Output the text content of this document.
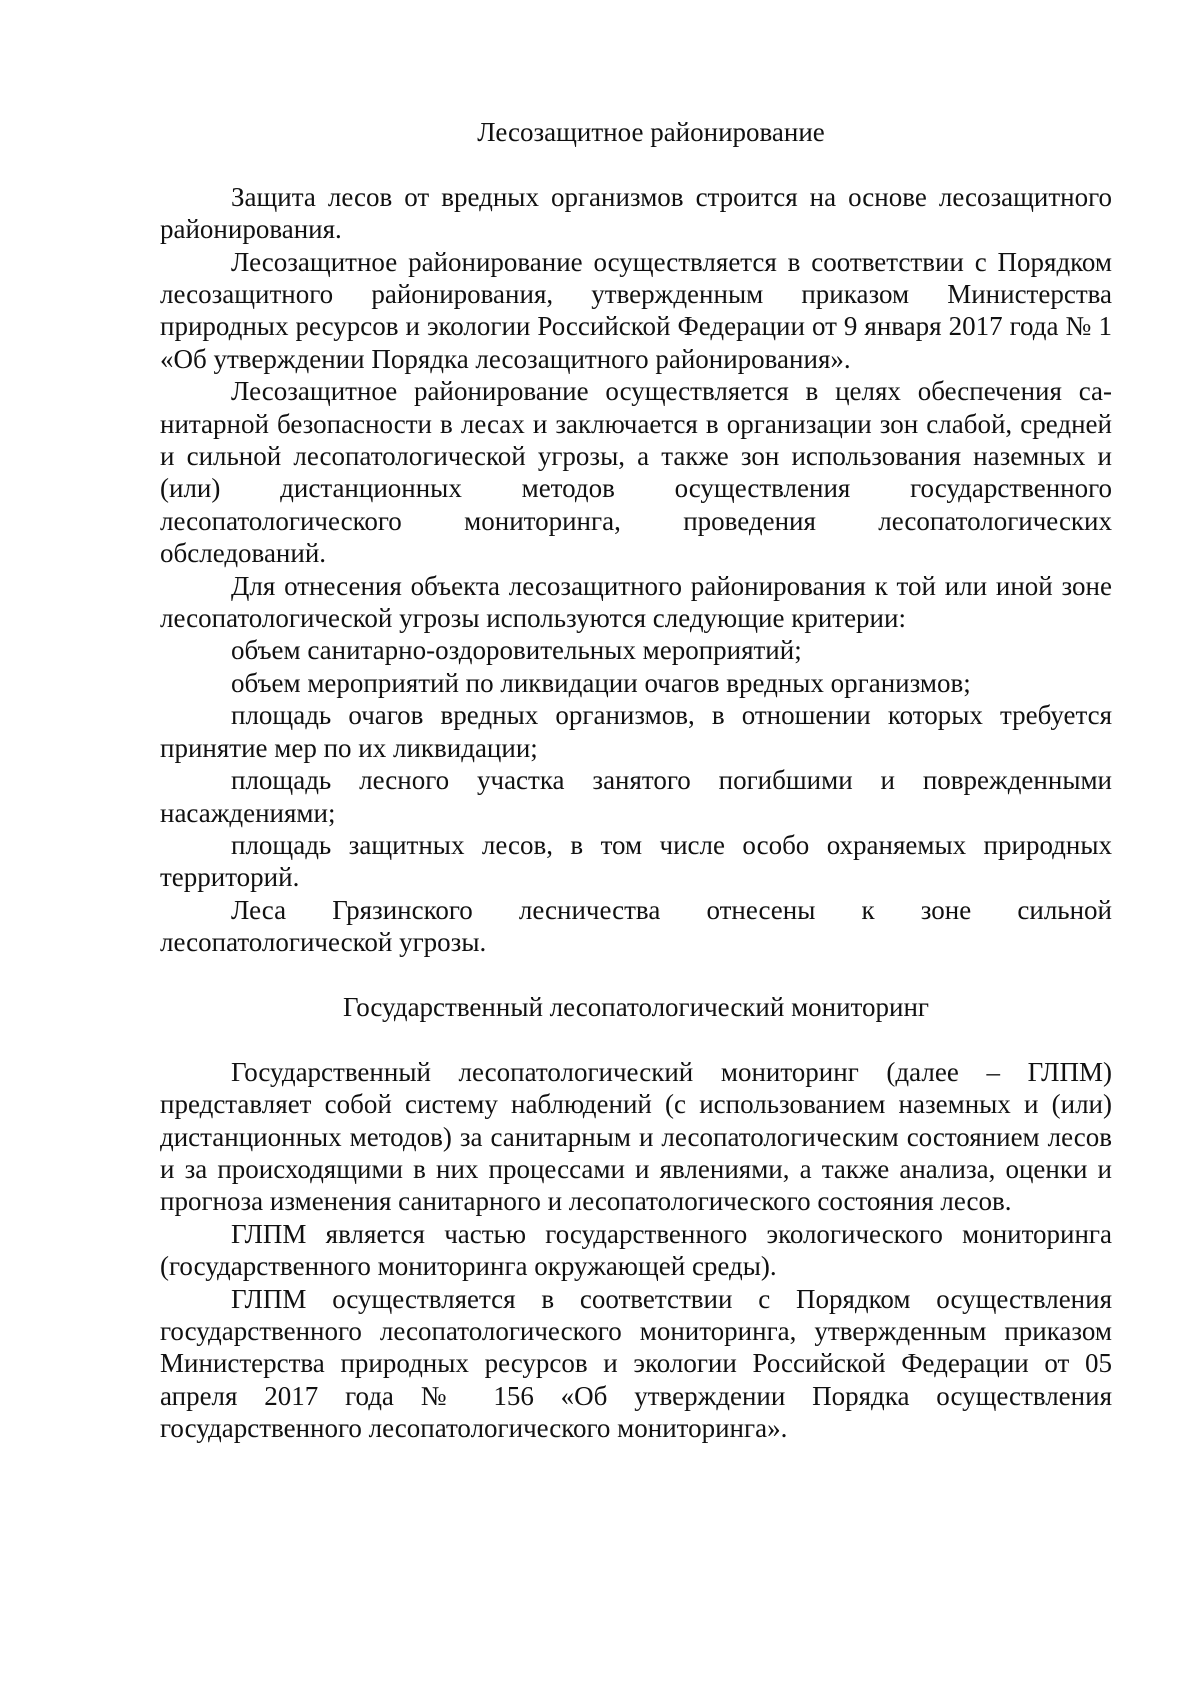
Лесозащитное районирование

Защита лесов от вредных организмов строится на основе лесозащитного районирования.

Лесозащитное районирование осуществляется в соответствии с Порядком лесозащитного районирования, утвержденным приказом Министерства природных ресурсов и экологии Российской Федерации от 9 января 2017 года № 1 «Об утверждении Порядка лесозащитного районирования».

Лесозащитное районирование осуществляется в целях обеспечения санитарной безопасности в лесах и заключается в организации зон слабой, средней и сильной лесопатологической угрозы, а также зон использования наземных и (или) дистанционных методов осуществления государственного лесопатологического мониторинга, проведения лесопатологических обследований.

Для отнесения объекта лесозащитного районирования к той или иной зоне лесопатологической угрозы используются следующие критерии:

объем санитарно-оздоровительных мероприятий;

объем мероприятий по ликвидации очагов вредных организмов;

площадь очагов вредных организмов, в отношении которых требуется принятие мер по их ликвидации;

площадь лесного участка занятого погибшими и поврежденными насаждениями;

площадь защитных лесов, в том числе особо охраняемых природных территорий.

Леса Грязинского лесничества отнесены к зоне сильной лесопатологической угрозы.

Государственный лесопатологический мониторинг

Государственный лесопатологический мониторинг (далее – ГЛПМ) представляет собой систему наблюдений (с использованием наземных и (или) дистанционных методов) за санитарным и лесопатологическим состоянием лесов и за происходящими в них процессами и явлениями, а также анализа, оценки и прогноза изменения санитарного и лесопатологического состояния лесов.

ГЛПМ является частью государственного экологического мониторинга (государственного мониторинга окружающей среды).

ГЛПМ осуществляется в соответствии с Порядком осуществления государственного лесопатологического мониторинга, утвержденным приказом Министерства природных ресурсов и экологии Российской Федерации от 05 апреля 2017 года № 156 «Об утверждении Порядка осуществления государственного лесопатологического мониторинга».
